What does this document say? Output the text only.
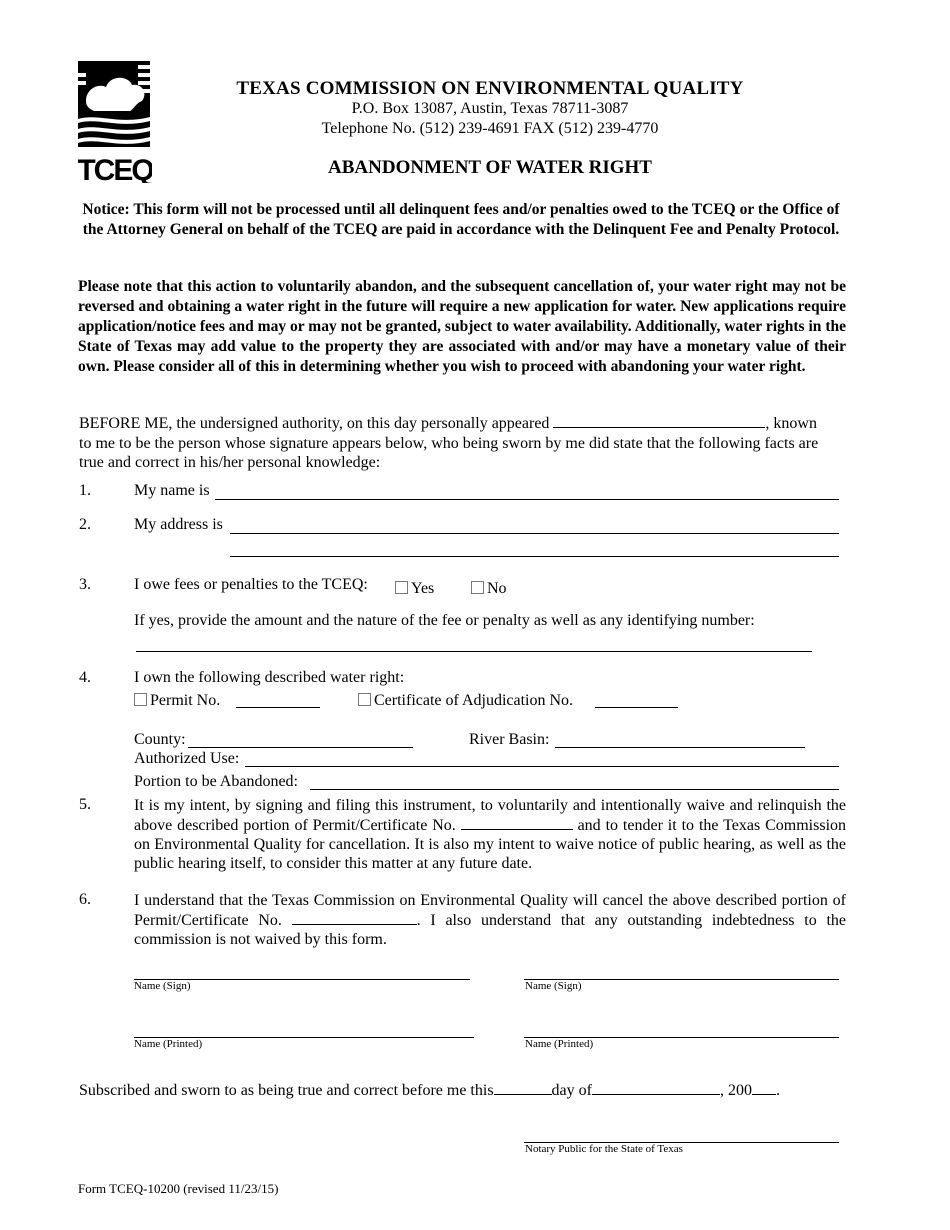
TCEQ
TEXAS COMMISSION ON ENVIRONMENTAL QUALITY
P.O. Box 13087, Austin, Texas 78711-3087
Telephone No. (512) 239-4691 FAX (512) 239-4770
ABANDONMENT OF WATER RIGHT
Notice: This form will not be processed until all delinquent fees and/or penalties owed to the TCEQ or the Office of the Attorney General on behalf of the TCEQ are paid in accordance with the Delinquent Fee and Penalty Protocol.
Please note that this action to voluntarily abandon, and the subsequent cancellation of, your water right may not be reversed and obtaining a water right in the future will require a new application for water. New applications require application/notice fees and may or may not be granted, subject to water availability. Additionally, water rights in the State of Texas may add value to the property they are associated with and/or may have a monetary value of their own. Please consider all of this in determining whether you wish to proceed with abandoning your water right.
BEFORE ME, the undersigned authority, on this day personally appeared	, known to me to be the person whose signature appears below, who being sworn by me did state that the following facts are true and correct in his/her personal knowledge:
1.	My name is
2.	My address is
3.	I owe fees or penalties to the TCEQ:	Yes	No
If yes, provide the amount and the nature of the fee or penalty as well as any identifying number:
4.	I own the following described water right:
Permit No.	Certificate of Adjudication No.
County:	River Basin:
Authorized Use:
Portion to be Abandoned:
5.	It is my intent, by signing and filing this instrument, to voluntarily and intentionally waive and relinquish the above described portion of Permit/Certificate No.	and to tender it to the Texas Commission on Environmental Quality for cancellation. It is also my intent to waive notice of public hearing, as well as the public hearing itself, to consider this matter at any future date.
6.	I understand that the Texas Commission on Environmental Quality will cancel the above described portion of Permit/Certificate No.	. I also understand that any outstanding indebtedness to the commission is not waived by this form.
Name (Sign)	Name (Sign)
Name (Printed)	Name (Printed)
Subscribed and sworn to as being true and correct before me this	day of	, 200 .
Notary Public for the State of Texas
Form TCEQ-10200 (revised 11/23/15)
